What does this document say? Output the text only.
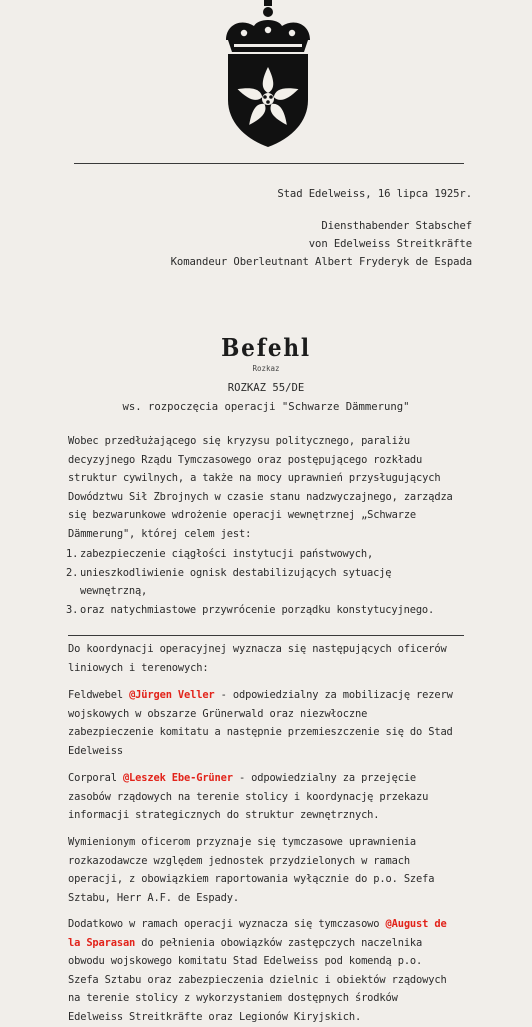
Stad Edelweiss, 16 lipca 1925r.
Diensthabender Stabschef
von Edelweiss Streitkräfte
Komandeur Oberleutnant Albert Fryderyk de Espada
Befehl
Rozkaz
ROZKAZ 55/DE
ws. rozpoczęcia operacji "Schwarze Dämmerung"
Wobec przedłużającego się kryzysu politycznego, paraliżu
decyzyjnego Rządu Tymczasowego oraz postępującego rozkładu
struktur cywilnych, a także na mocy uprawnień przysługujących
Dowództwu Sił Zbrojnych w czasie stanu nadzwyczajnego, zarządza
się bezwarunkowe wdrożenie operacji wewnętrznej „Schwarze
Dämmerung", której celem jest:
1. zabezpieczenie ciągłości instytucji państwowych,
2. unieszkodliwienie ognisk destabilizujących sytuację
wewnętrzną,
3. oraz natychmiastowe przywrócenie porządku konstytucyjnego.
Do koordynacji operacyjnej wyznacza się następujących oficerów
liniowych i terenowych:
Feldwebel @Jürgen Veller - odpowiedzialny za mobilizację rezerw
wojskowych w obszarze Grünerwald oraz niezwłoczne
zabezpieczenie komitatu a następnie przemieszczenie się do Stad
Edelweiss
Corporal @Leszek Ebe-Grüner - odpowiedzialny za przejęcie
zasobów rządowych na terenie stolicy i koordynację przekazu
informacji strategicznych do struktur zewnętrznych.
Wymienionym oficerom przyznaje się tymczasowe uprawnienia
rozkazodawcze względem jednostek przydzielonych w ramach
operacji, z obowiązkiem raportowania wyłącznie do p.o. Szefa
Sztabu, Herr A.F. de Espady.
Dodatkowo w ramach operacji wyznacza się tymczasowo @August de
la Sparasan do pełnienia obowiązków zastępczych naczelnika
obwodu wojskowego komitatu Stad Edelweiss pod komendą p.o.
Szefa Sztabu oraz zabezpieczenia dzielnic i obiektów rządowych
na terenie stolicy z wykorzystaniem dostępnych środków
Edelweiss Streitkräfte oraz Legionów Kiryjskich.
